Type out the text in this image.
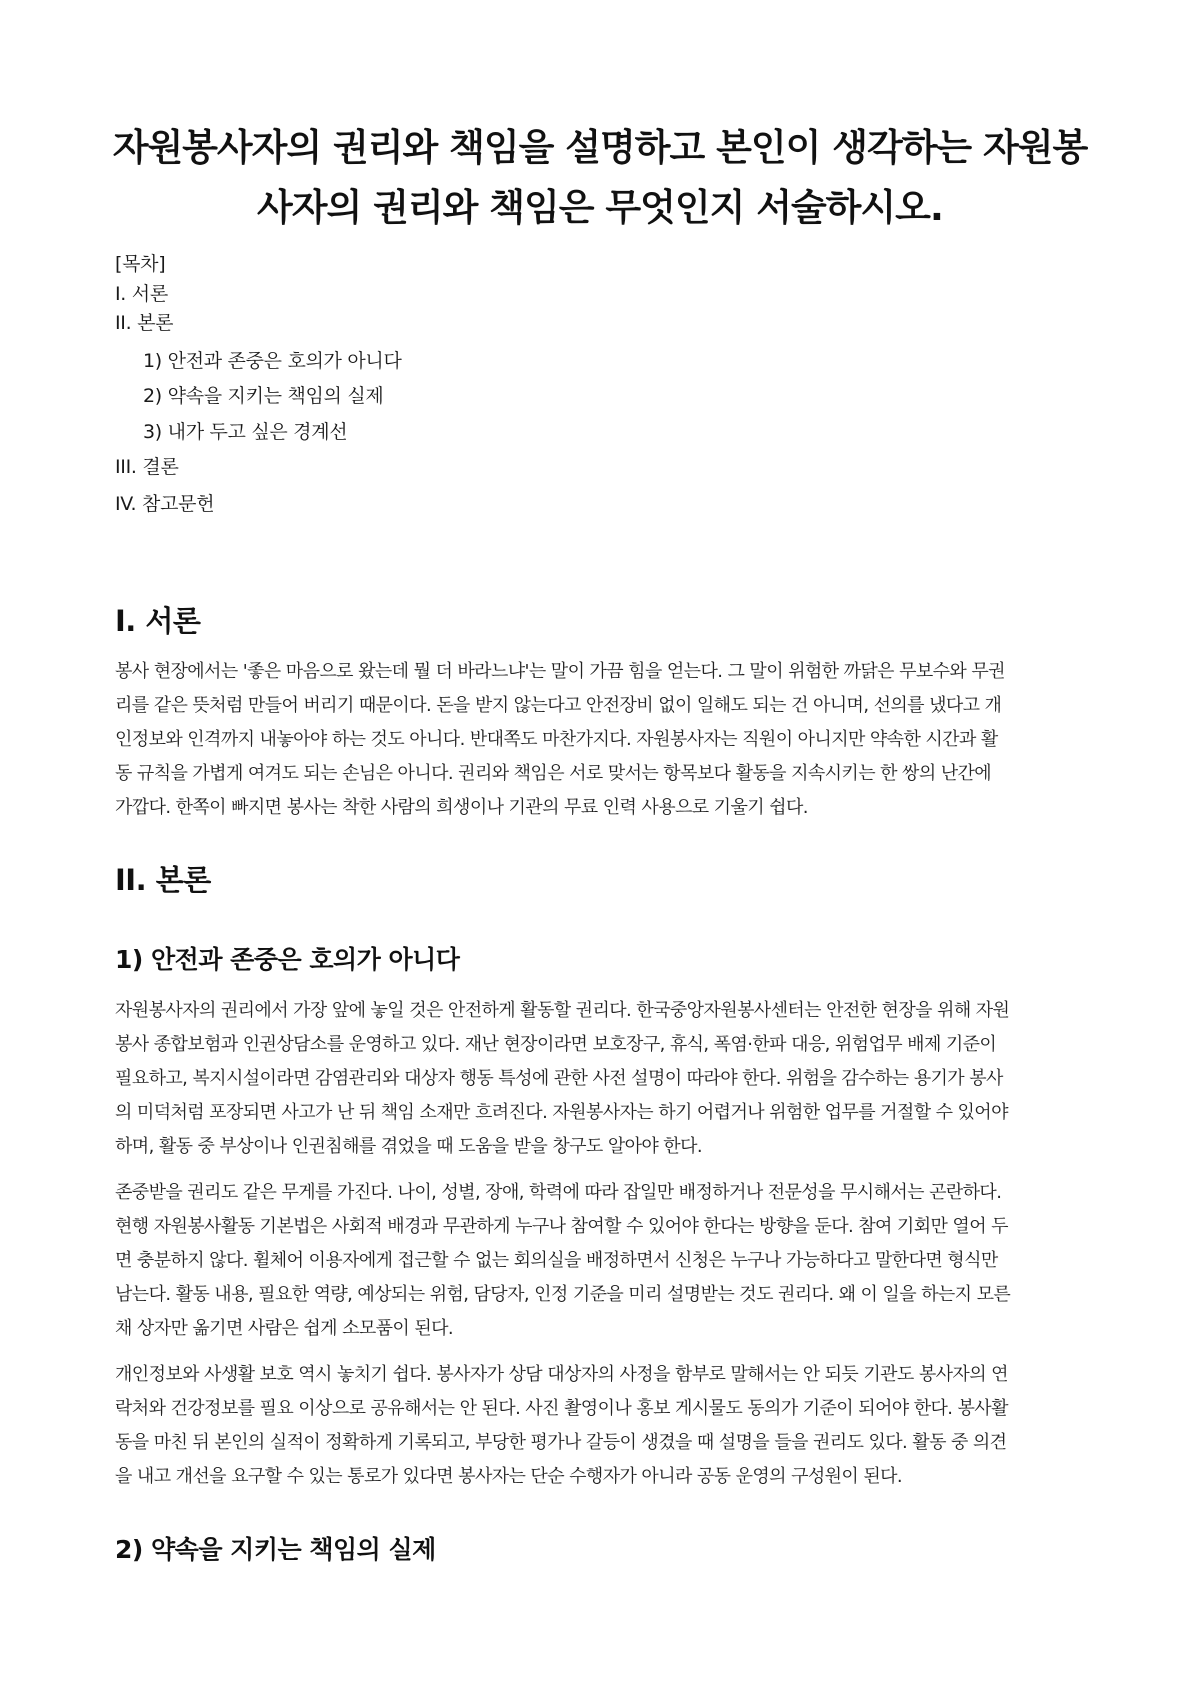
자원봉사자의 권리와 책임을 설명하고 본인이 생각하는 자원봉
사자의 권리와 책임은 무엇인지 서술하시오.
[목차]
I. 서론
II. 본론
1) 안전과 존중은 호의가 아니다
2) 약속을 지키는 책임의 실제
3) 내가 두고 싶은 경계선
III. 결론
IV. 참고문헌
I. 서론
봉사 현장에서는 '좋은 마음으로 왔는데 뭘 더 바라느냐'는 말이 가끔 힘을 얻는다. 그 말이 위험한 까닭은 무보수와 무권
리를 같은 뜻처럼 만들어 버리기 때문이다. 돈을 받지 않는다고 안전장비 없이 일해도 되는 건 아니며, 선의를 냈다고 개
인정보와 인격까지 내놓아야 하는 것도 아니다. 반대쪽도 마찬가지다. 자원봉사자는 직원이 아니지만 약속한 시간과 활
동 규칙을 가볍게 여겨도 되는 손님은 아니다. 권리와 책임은 서로 맞서는 항목보다 활동을 지속시키는 한 쌍의 난간에
가깝다. 한쪽이 빠지면 봉사는 착한 사람의 희생이나 기관의 무료 인력 사용으로 기울기 쉽다.
II. 본론
1) 안전과 존중은 호의가 아니다
자원봉사자의 권리에서 가장 앞에 놓일 것은 안전하게 활동할 권리다. 한국중앙자원봉사센터는 안전한 현장을 위해 자원
봉사 종합보험과 인권상담소를 운영하고 있다. 재난 현장이라면 보호장구, 휴식, 폭염·한파 대응, 위험업무 배제 기준이
필요하고, 복지시설이라면 감염관리와 대상자 행동 특성에 관한 사전 설명이 따라야 한다. 위험을 감수하는 용기가 봉사
의 미덕처럼 포장되면 사고가 난 뒤 책임 소재만 흐려진다. 자원봉사자는 하기 어렵거나 위험한 업무를 거절할 수 있어야
하며, 활동 중 부상이나 인권침해를 겪었을 때 도움을 받을 창구도 알아야 한다.
존중받을 권리도 같은 무게를 가진다. 나이, 성별, 장애, 학력에 따라 잡일만 배정하거나 전문성을 무시해서는 곤란하다.
현행 자원봉사활동 기본법은 사회적 배경과 무관하게 누구나 참여할 수 있어야 한다는 방향을 둔다. 참여 기회만 열어 두
면 충분하지 않다. 휠체어 이용자에게 접근할 수 없는 회의실을 배정하면서 신청은 누구나 가능하다고 말한다면 형식만
남는다. 활동 내용, 필요한 역량, 예상되는 위험, 담당자, 인정 기준을 미리 설명받는 것도 권리다. 왜 이 일을 하는지 모른
채 상자만 옮기면 사람은 쉽게 소모품이 된다.
개인정보와 사생활 보호 역시 놓치기 쉽다. 봉사자가 상담 대상자의 사정을 함부로 말해서는 안 되듯 기관도 봉사자의 연
락처와 건강정보를 필요 이상으로 공유해서는 안 된다. 사진 촬영이나 홍보 게시물도 동의가 기준이 되어야 한다. 봉사활
동을 마친 뒤 본인의 실적이 정확하게 기록되고, 부당한 평가나 갈등이 생겼을 때 설명을 들을 권리도 있다. 활동 중 의견
을 내고 개선을 요구할 수 있는 통로가 있다면 봉사자는 단순 수행자가 아니라 공동 운영의 구성원이 된다.
2) 약속을 지키는 책임의 실제
